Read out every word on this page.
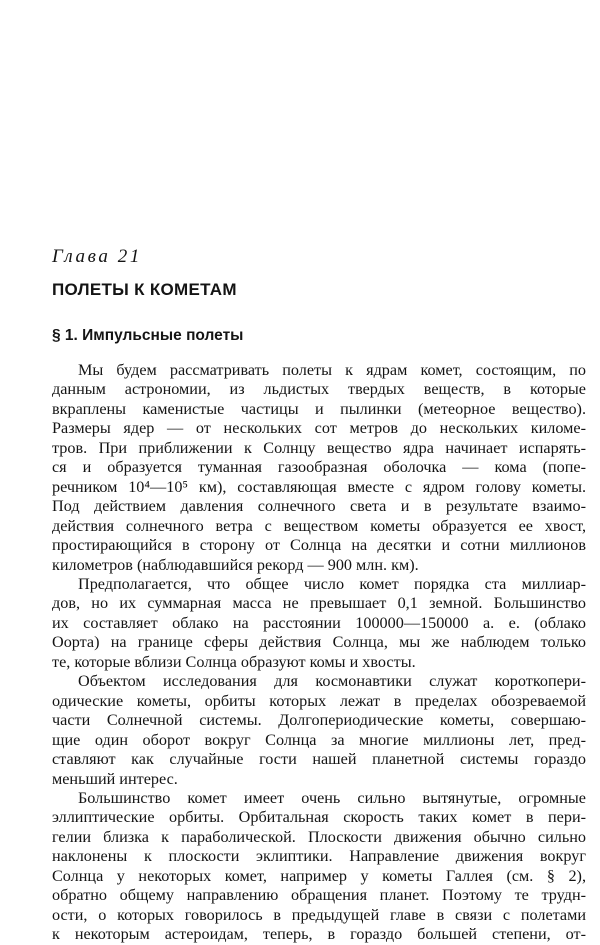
Глава 21
ПОЛЕТЫ К КОМЕТАМ
§ 1. Импульсные полеты
Мы будем рассматривать полеты к ядрам комет, состоящим, по
данным астрономии, из льдистых твердых веществ, в которые
вкраплены каменистые частицы и пылинки (метеорное вещество).
Размеры ядер — от нескольких сот метров до нескольких киломе-
тров. При приближении к Солнцу вещество ядра начинает испарять-
ся и образуется туманная газообразная оболочка — кома (попе-
речником 10⁴—10⁵ км), составляющая вместе с ядром голову кометы.
Под действием давления солнечного света и в результате взаимо-
действия солнечного ветра с веществом кометы образуется ее хвост,
простирающийся в сторону от Солнца на десятки и сотни миллионов
километров (наблюдавшийся рекорд — 900 млн. км).
Предполагается, что общее число комет порядка ста миллиар-
дов, но их суммарная масса не превышает 0,1 земной. Большинство
их составляет облако на расстоянии 100000—150000 а. е. (облако
Оорта) на границе сферы действия Солнца, мы же наблюдем только
те, которые вблизи Солнца образуют комы и хвосты.
Объектом исследования для космонавтики служат короткопери-
одические кометы, орбиты которых лежат в пределах обозреваемой
части Солнечной системы. Долгопериодические кометы, совершаю-
щие один оборот вокруг Солнца за многие миллионы лет, пред-
ставляют как случайные гости нашей планетной системы гораздо
меньший интерес.
Большинство комет имеет очень сильно вытянутые, огромные
эллиптические орбиты. Орбитальная скорость таких комет в пери-
гелии близка к параболической. Плоскости движения обычно сильно
наклонены к плоскости эклиптики. Направление движения вокруг
Солнца у некоторых комет, например у кометы Галлея (см. § 2),
обратно общему направлению обращения планет. Поэтому те трудн-
ости, о которых говорилось в предыдущей главе в связи с полетами
к некоторым астероидам, теперь, в гораздо большей степени, от-
